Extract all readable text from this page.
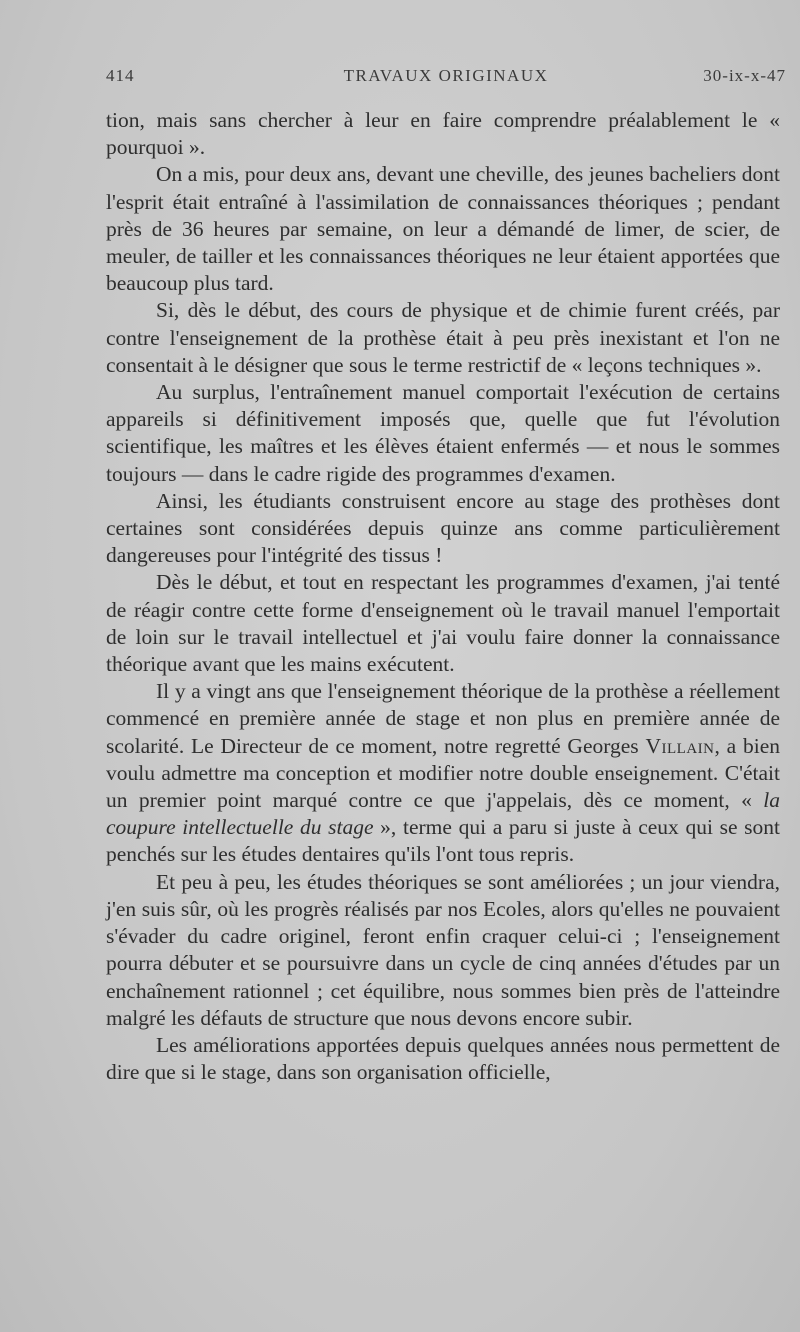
414	TRAVAUX ORIGINAUX	30-ix-x-47

tion, mais sans chercher à leur en faire comprendre préalablement le « pourquoi ».

On a mis, pour deux ans, devant une cheville, des jeunes bacheliers dont l'esprit était entraîné à l'assimilation de connaissances théoriques ; pendant près de 36 heures par semaine, on leur a démandé de limer, de scier, de meuler, de tailler et les connaissances théoriques ne leur étaient apportées que beaucoup plus tard.

Si, dès le début, des cours de physique et de chimie furent créés, par contre l'enseignement de la prothèse était à peu près inexistant et l'on ne consentait à le désigner que sous le terme restrictif de « leçons techniques ».

Au surplus, l'entraînement manuel comportait l'exécution de certains appareils si définitivement imposés que, quelle que fut l'évolution scientifique, les maîtres et les élèves étaient enfermés — et nous le sommes toujours — dans le cadre rigide des programmes d'examen.

Ainsi, les étudiants construisent encore au stage des prothèses dont certaines sont considérées depuis quinze ans comme particulièrement dangereuses pour l'intégrité des tissus !

Dès le début, et tout en respectant les programmes d'examen, j'ai tenté de réagir contre cette forme d'enseignement où le travail manuel l'emportait de loin sur le travail intellectuel et j'ai voulu faire donner la connaissance théorique avant que les mains exécutent.

Il y a vingt ans que l'enseignement théorique de la prothèse a réellement commencé en première année de stage et non plus en première année de scolarité. Le Directeur de ce moment, notre regretté Georges Villain, a bien voulu admettre ma conception et modifier notre double enseignement. C'était un premier point marqué contre ce que j'appelais, dès ce moment, « la coupure intellectuelle du stage », terme qui a paru si juste à ceux qui se sont penchés sur les études dentaires qu'ils l'ont tous repris.

Et peu à peu, les études théoriques se sont améliorées ; un jour viendra, j'en suis sûr, où les progrès réalisés par nos Ecoles, alors qu'elles ne pouvaient s'évader du cadre originel, feront enfin craquer celui-ci ; l'enseignement pourra débuter et se poursuivre dans un cycle de cinq années d'études par un enchaînement rationnel ; cet équilibre, nous sommes bien près de l'atteindre malgré les défauts de structure que nous devons encore subir.

Les améliorations apportées depuis quelques années nous permettent de dire que si le stage, dans son organisation officielle,
